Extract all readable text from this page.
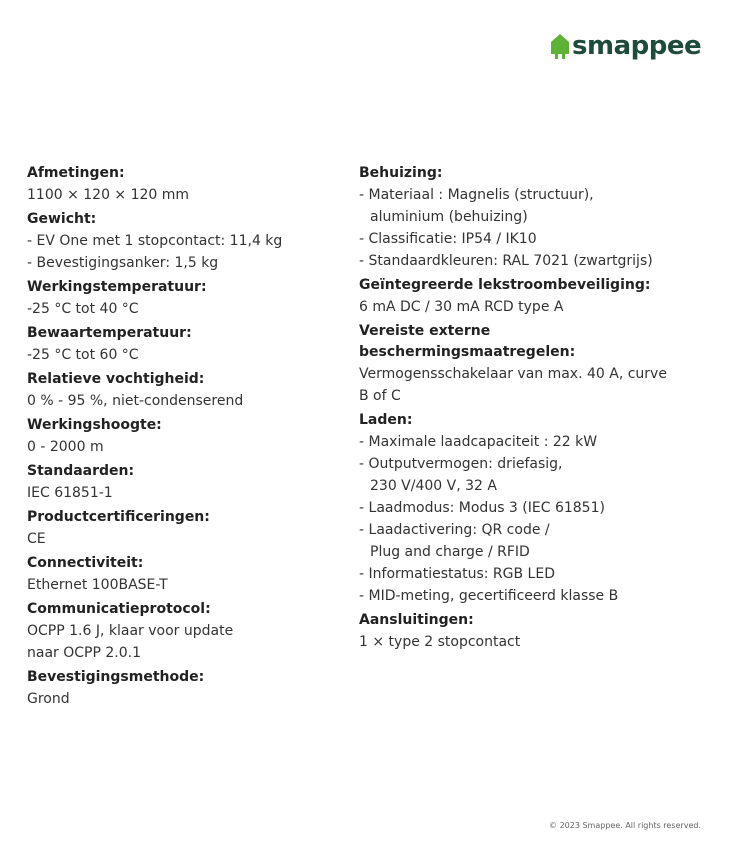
smappee
Afmetingen:
1100 × 120 × 120 mm
Gewicht:
- EV One met 1 stopcontact: 11,4 kg
- Bevestigingsanker: 1,5 kg
Werkingstemperatuur:
-25 °C tot 40 °C
Bewaartemperatuur:
-25 °C tot 60 °C
Relatieve vochtigheid:
0 % - 95 %, niet-condenserend
Werkingshoogte:
0 - 2000 m
Standaarden:
IEC 61851-1
Productcertificeringen:
CE
Connectiviteit:
Ethernet 100BASE-T
Communicatieprotocol:
OCPP 1.6 J, klaar voor update naar OCPP 2.0.1
Bevestigingsmethode:
Grond
Behuizing:
- Materiaal : Magnelis (structuur), aluminium (behuizing)
- Classificatie: IP54 / IK10
- Standaardkleuren: RAL 7021 (zwartgrijs)
Geïntegreerde lekstroombeveiliging:
6 mA DC / 30 mA RCD type A
Vereiste externe beschermingsmaatregelen:
Vermogensschakelaar van max. 40 A, curve B of C
Laden:
- Maximale laadcapaciteit : 22 kW
- Outputvermogen: driefasig, 230 V/400 V, 32 A
- Laadmodus: Modus 3 (IEC 61851)
- Laadactivering: QR code / Plug and charge / RFID
- Informatiestatus: RGB LED
- MID-meting, gecertificeerd klasse B
Aansluitingen:
1 × type 2 stopcontact
© 2023 Smappee. All rights reserved.
